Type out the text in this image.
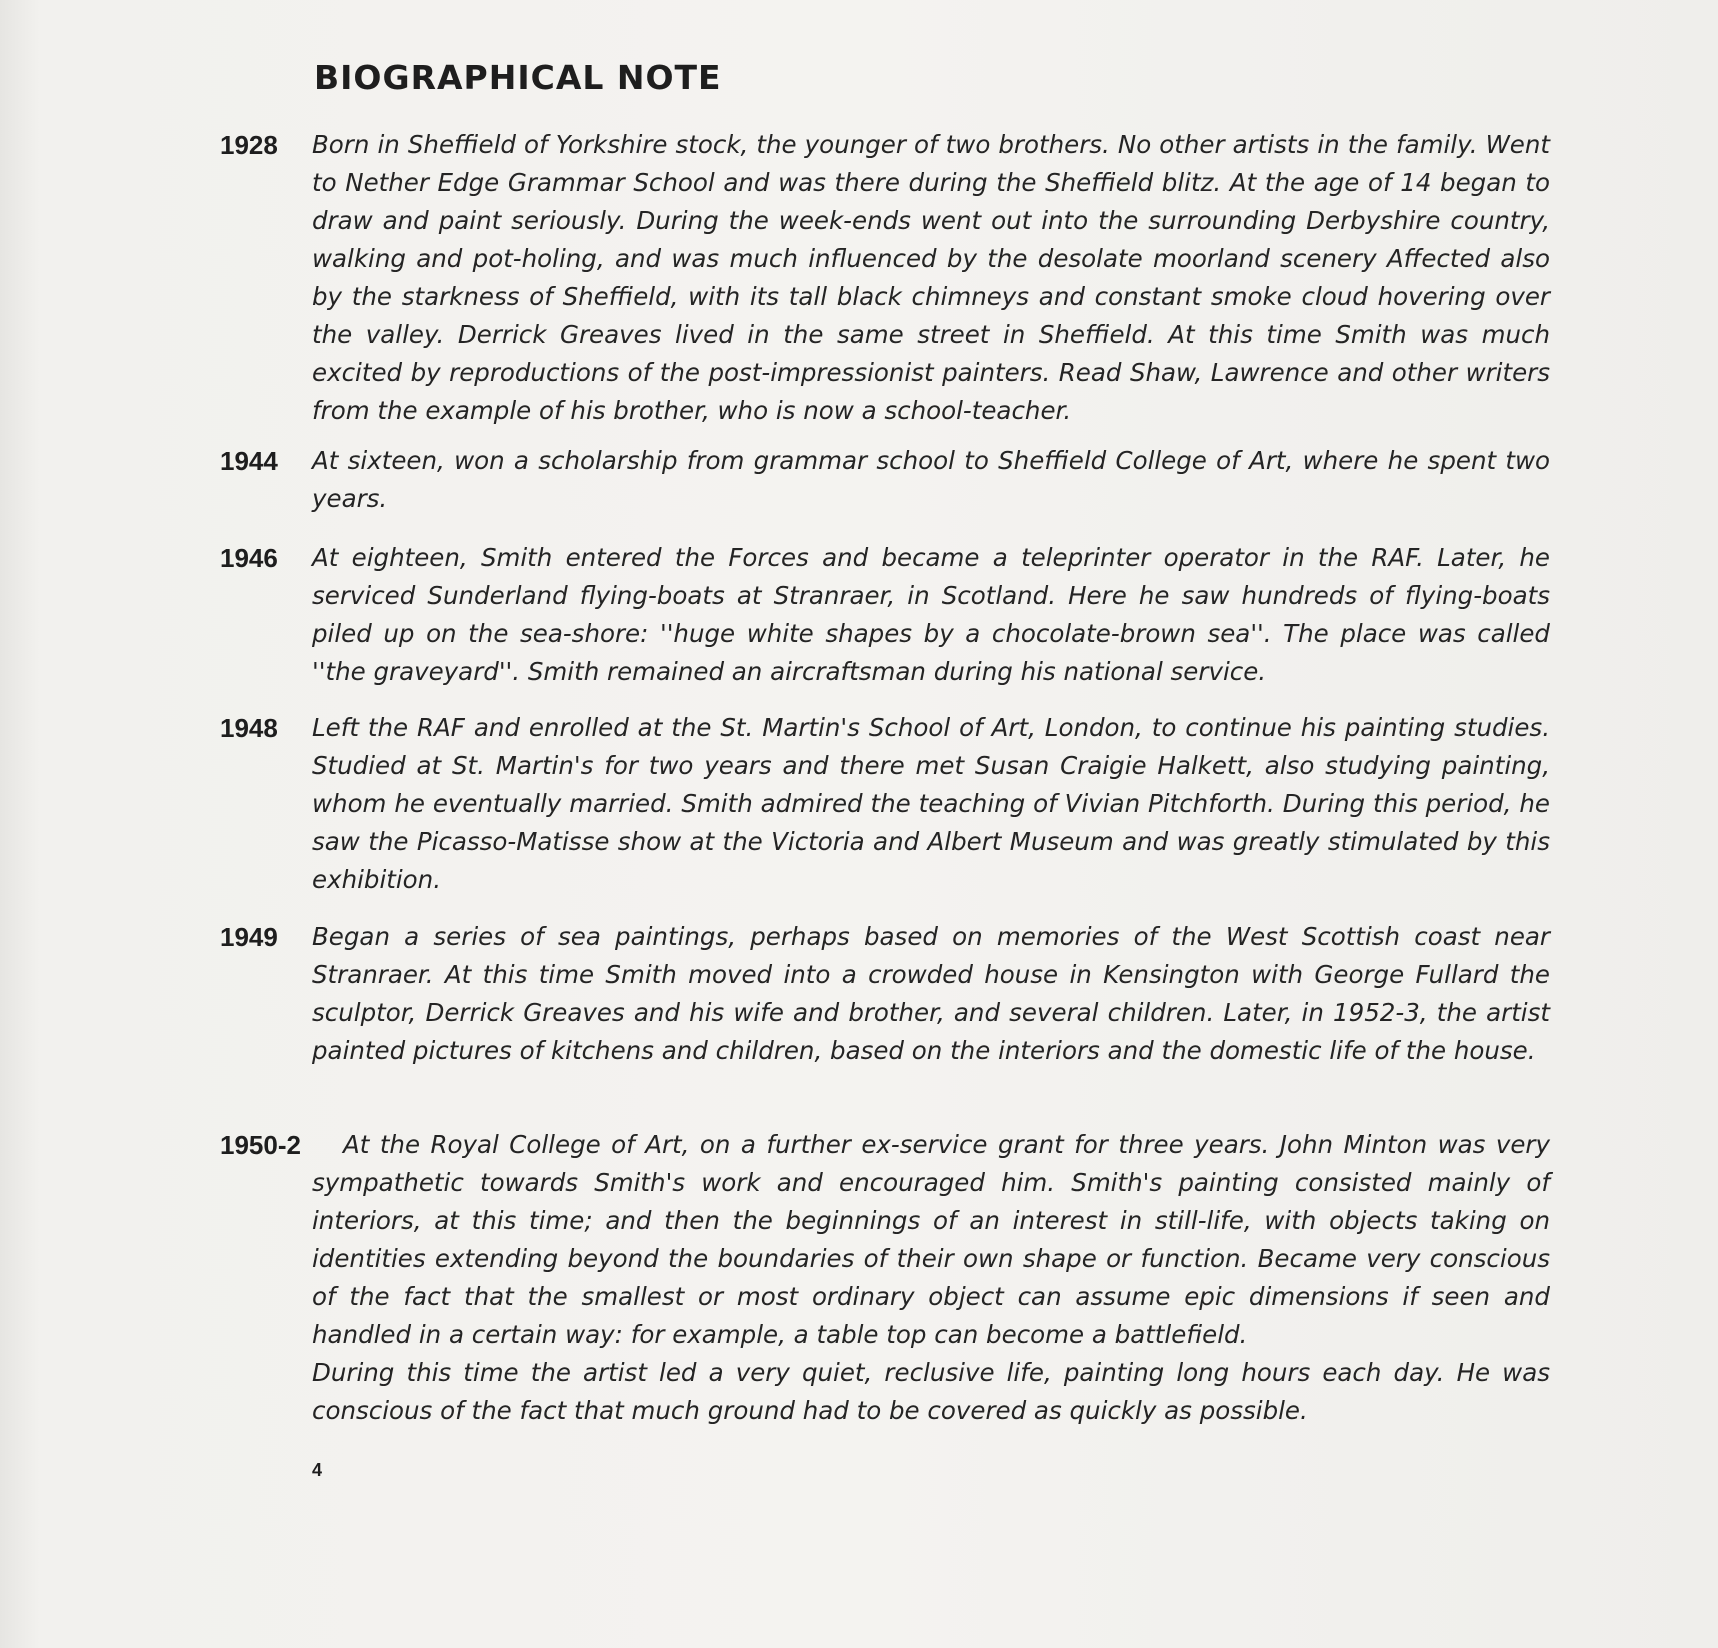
BIOGRAPHICAL NOTE
1928 Born in Sheffield of Yorkshire stock, the younger of two brothers. No other artists in the family. Went to Nether Edge Grammar School and was there during the Sheffield blitz. At the age of 14 began to draw and paint seriously. During the week-ends went out into the surrounding Derbyshire country, walking and pot-holing, and was much influenced by the desolate moorland scenery Affected also by the starkness of Sheffield, with its tall black chimneys and constant smoke cloud hovering over the valley. Derrick Greaves lived in the same street in Sheffield. At this time Smith was much excited by reproductions of the post-impressionist painters. Read Shaw, Lawrence and other writers from the example of his brother, who is now a school-teacher.

1944 At sixteen, won a scholarship from grammar school to Sheffield College of Art, where he spent two years.

1946 At eighteen, Smith entered the Forces and became a teleprinter operator in the RAF. Later, he serviced Sunderland flying-boats at Stranraer, in Scotland. Here he saw hundreds of flying-boats piled up on the sea-shore: ''huge white shapes by a chocolate-brown sea''. The place was called ''the graveyard''. Smith remained an aircraftsman during his national service.

1948 Left the RAF and enrolled at the St. Martin's School of Art, London, to continue his painting studies. Studied at St. Martin's for two years and there met Susan Craigie Halkett, also studying painting, whom he eventually married. Smith admired the teaching of Vivian Pitchforth. During this period, he saw the Picasso-Matisse show at the Victoria and Albert Museum and was greatly stimulated by this exhibition.

1949 Began a series of sea paintings, perhaps based on memories of the West Scottish coast near Stranraer. At this time Smith moved into a crowded house in Kensington with George Fullard the sculptor, Derrick Greaves and his wife and brother, and several children. Later, in 1952-3, the artist painted pictures of kitchens and children, based on the interiors and the domestic life of the house.

1950-2	At the Royal College of Art, on a further ex-service grant for three years. John Minton was very sympathetic towards Smith's work and encouraged him. Smith's painting consisted mainly of interiors, at this time; and then the beginnings of an interest in still-life, with objects taking on identities extending beyond the boundaries of their own shape or function. Became very conscious of the fact that the smallest or most ordinary object can assume epic dimensions if seen and handled in a certain way: for example, a table top can become a battlefield.

During this time the artist led a very quiet, reclusive life, painting long hours each day. He was conscious of the fact that much ground had to be covered as quickly as possible.

4
